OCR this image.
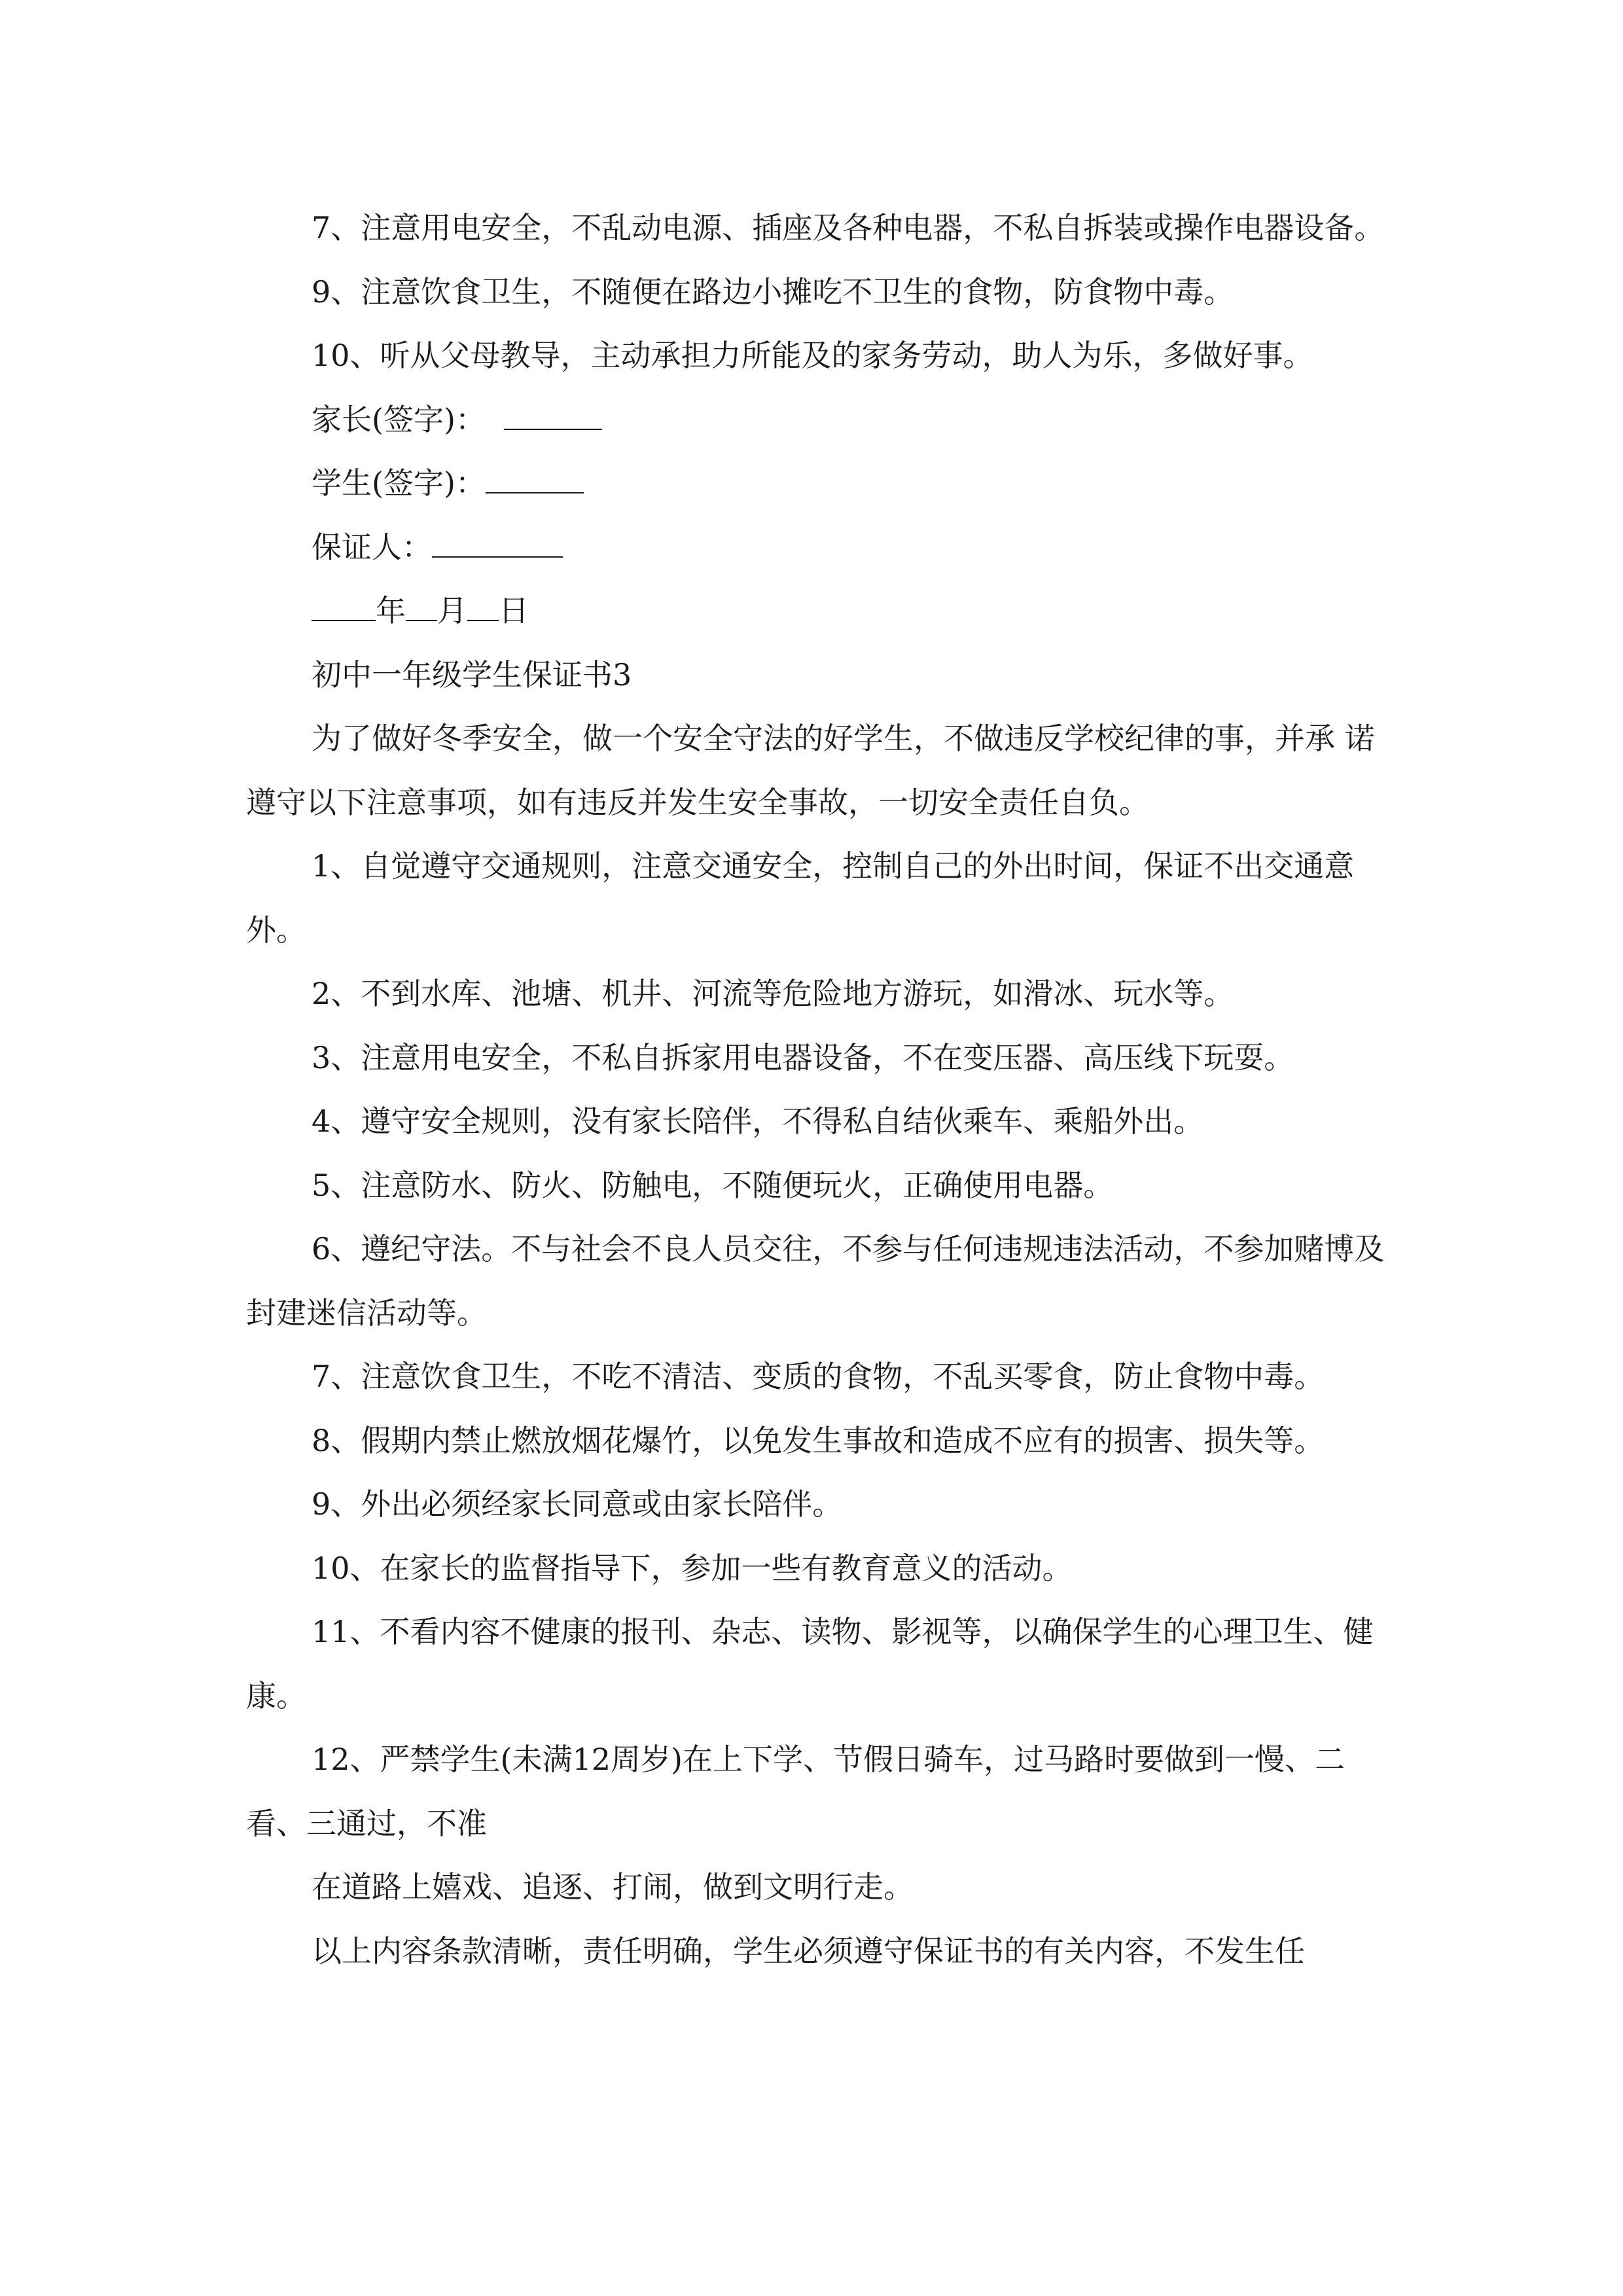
7、注意用电安全，不乱动电源、插座及各种电器，不私自拆装或操作电器设备。

9、注意饮食卫生，不随便在路边小摊吃不卫生的食物，防食物中毒。

10、听从父母教导，主动承担力所能及的家务劳动，助人为乐，多做好事。

家长(签字)：

学生(签字)：

保证人：

年 月 日

初中一年级学生保证书3

为了做好冬季安全，做一个安全守法的好学生，不做违反学校纪律的事，并承 诺遵守以下注意事项，如有违反并发生安全事故，一切安全责任自负。

1、自觉遵守交通规则，注意交通安全，控制自己的外出时间，保证不出交通意外。

2、不到水库、池塘、机井、河流等危险地方游玩，如滑冰、玩水等。

3、注意用电安全，不私自拆家用电器设备，不在变压器、高压线下玩耍。

4、遵守安全规则，没有家长陪伴，不得私自结伙乘车、乘船外出。

5、注意防水、防火、防触电，不随便玩火，正确使用电器。

6、遵纪守法。不与社会不良人员交往，不参与任何违规违法活动，不参加赌博及封建迷信活动等。

7、注意饮食卫生，不吃不清洁、变质的食物，不乱买零食，防止食物中毒。

8、假期内禁止燃放烟花爆竹，以免发生事故和造成不应有的损害、损失等。

9、外出必须经家长同意或由家长陪伴。

10、在家长的监督指导下，参加一些有教育意义的活动。

11、不看内容不健康的报刊、杂志、读物、影视等，以确保学生的心理卫生、健康。

12、严禁学生(未满12周岁)在上下学、节假日骑车，过马路时要做到一慢、二看、三通过，不准

在道路上嬉戏、追逐、打闹，做到文明行走。

以上内容条款清晰，责任明确，学生必须遵守保证书的有关内容，不发生任
